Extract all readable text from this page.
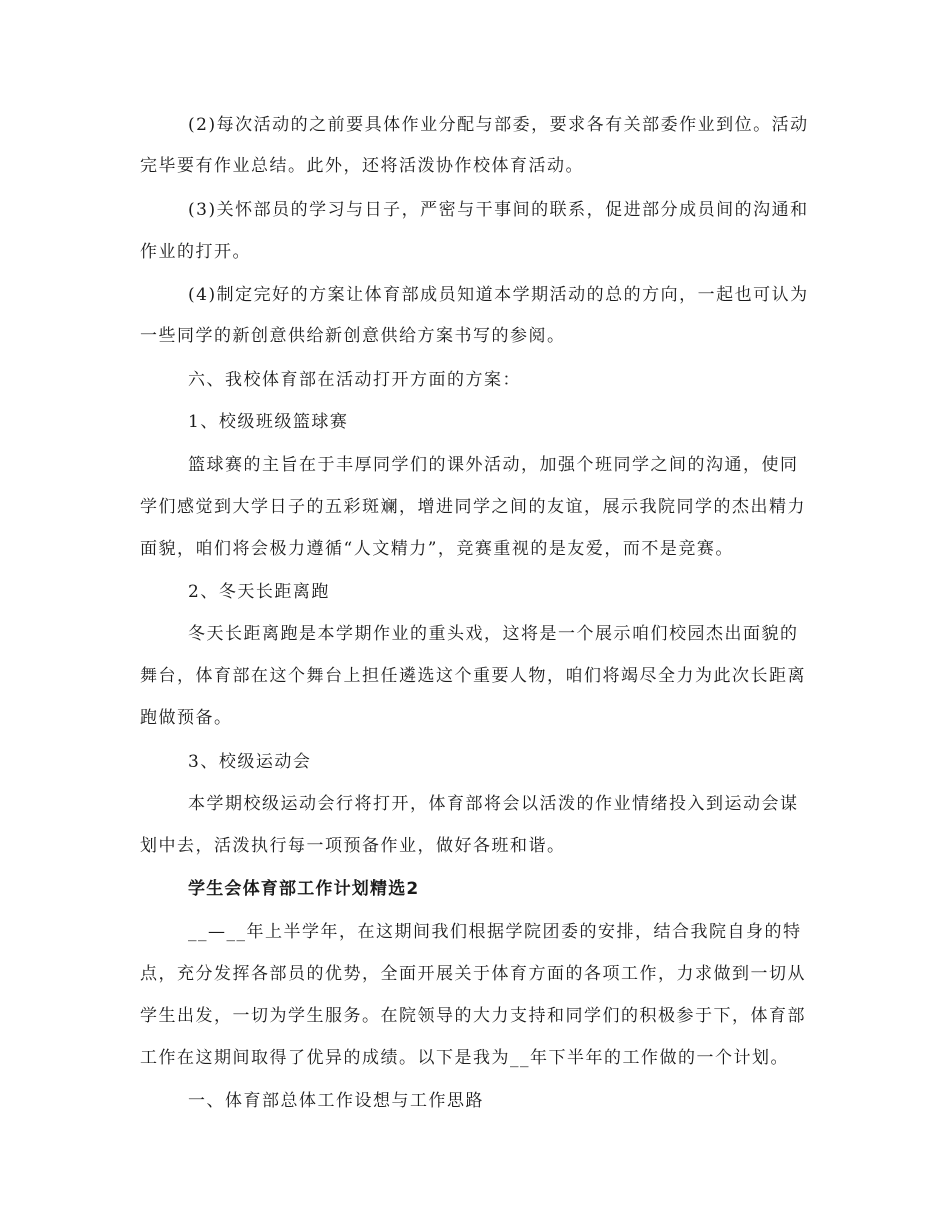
(2)每次活动的之前要具体作业分配与部委，要求各有关部委作业到位。活动

完毕要有作业总结。此外，还将活泼协作校体育活动。

(3)关怀部员的学习与日子，严密与干事间的联系，促进部分成员间的沟通和

作业的打开。

(4)制定完好的方案让体育部成员知道本学期活动的总的方向，一起也可认为

一些同学的新创意供给新创意供给方案书写的参阅。

六、我校体育部在活动打开方面的方案：

1、校级班级篮球赛

篮球赛的主旨在于丰厚同学们的课外活动，加强个班同学之间的沟通，使同

学们感觉到大学日子的五彩斑斓，增进同学之间的友谊，展示我院同学的杰出精力

面貌，咱们将会极力遵循“人文精力”，竞赛重视的是友爱，而不是竞赛。

2、冬天长距离跑

冬天长距离跑是本学期作业的重头戏，这将是一个展示咱们校园杰出面貌的

舞台，体育部在这个舞台上担任遴选这个重要人物，咱们将竭尽全力为此次长距离

跑做预备。

3、校级运动会

本学期校级运动会行将打开，体育部将会以活泼的作业情绪投入到运动会谋

划中去，活泼执行每一项预备作业，做好各班和谐。

学生会体育部工作计划精选2

__—__年上半学年，在这期间我们根据学院团委的安排，结合我院自身的特

点，充分发挥各部员的优势，全面开展关于体育方面的各项工作，力求做到一切从

学生出发，一切为学生服务。在院领导的大力支持和同学们的积极参于下，体育部

工作在这期间取得了优异的成绩。以下是我为__年下半年的工作做的一个计划。

一、体育部总体工作设想与工作思路
